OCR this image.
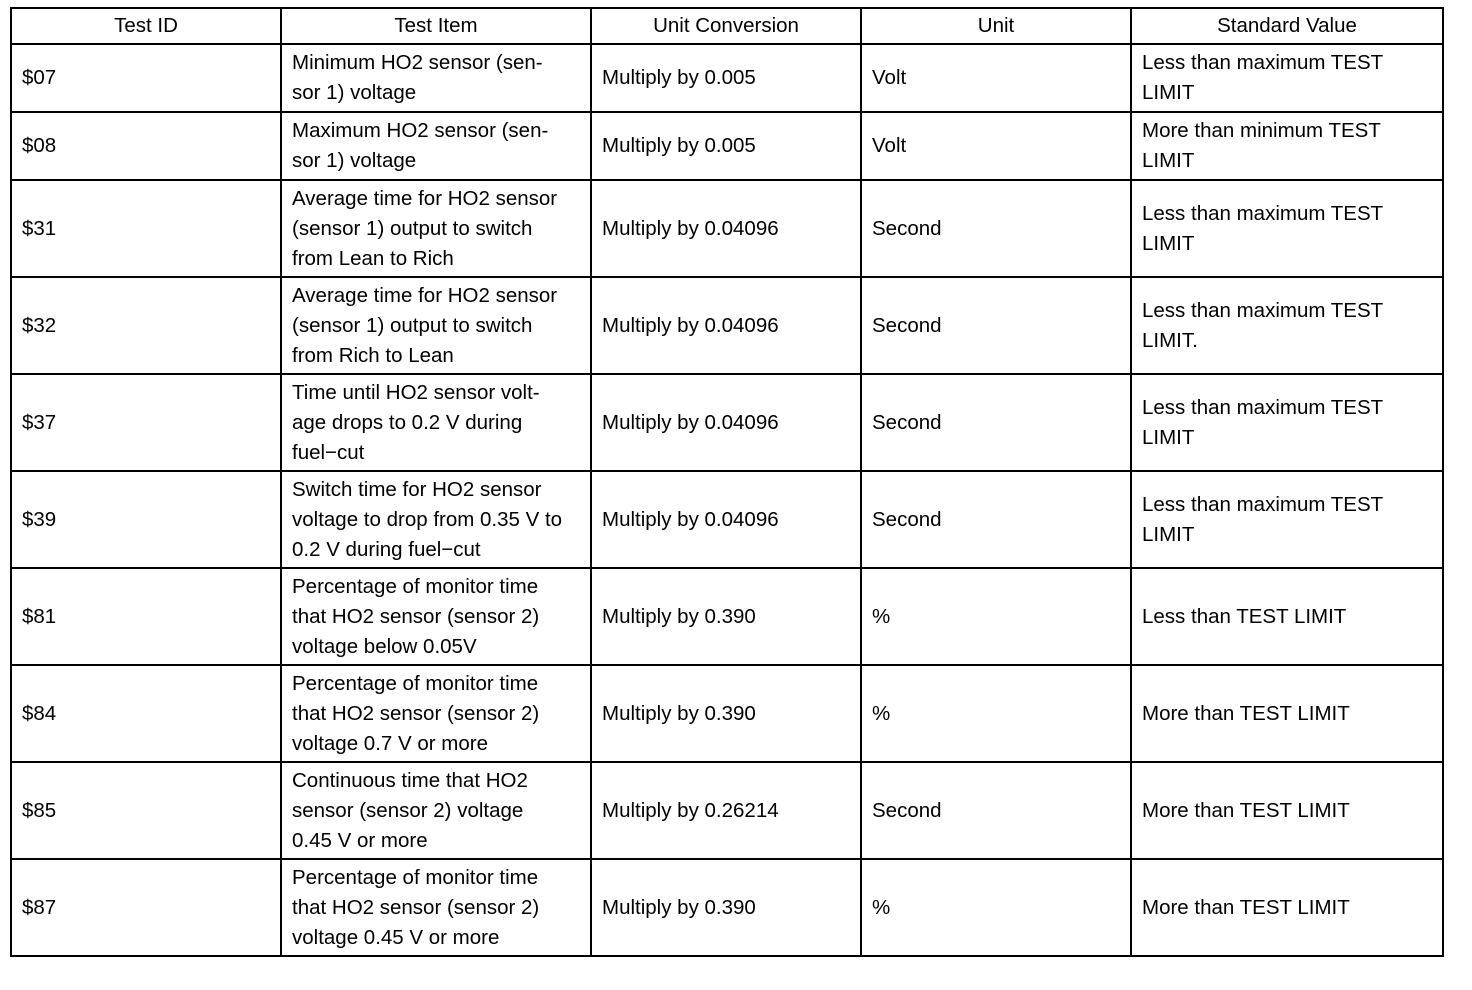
Test ID	Test Item	Unit Conversion	Unit	Standard Value
$07	Minimum HO2 sensor (sen-
sor 1) voltage	Multiply by 0.005	Volt	Less than maximum TEST
LIMIT
$08	Maximum HO2 sensor (sen-
sor 1) voltage	Multiply by 0.005	Volt	More than minimum TEST
LIMIT
$31	Average time for HO2 sensor
(sensor 1) output to switch
from Lean to Rich	Multiply by 0.04096	Second	Less than maximum TEST
LIMIT
$32	Average time for HO2 sensor
(sensor 1) output to switch
from Rich to Lean	Multiply by 0.04096	Second	Less than maximum TEST
LIMIT.
$37	Time until HO2 sensor volt-
age drops to 0.2 V during
fuel−cut	Multiply by 0.04096	Second	Less than maximum TEST
LIMIT
$39	Switch time for HO2 sensor
voltage to drop from 0.35 V to
0.2 V during fuel−cut	Multiply by 0.04096	Second	Less than maximum TEST
LIMIT
$81	Percentage of monitor time
that HO2 sensor (sensor 2)
voltage below 0.05V	Multiply by 0.390	%	Less than TEST LIMIT
$84	Percentage of monitor time
that HO2 sensor (sensor 2)
voltage 0.7 V or more	Multiply by 0.390	%	More than TEST LIMIT
$85	Continuous time that HO2
sensor (sensor 2) voltage
0.45 V or more	Multiply by 0.26214	Second	More than TEST LIMIT
$87	Percentage of monitor time
that HO2 sensor (sensor 2)
voltage 0.45 V or more	Multiply by 0.390	%	More than TEST LIMIT
